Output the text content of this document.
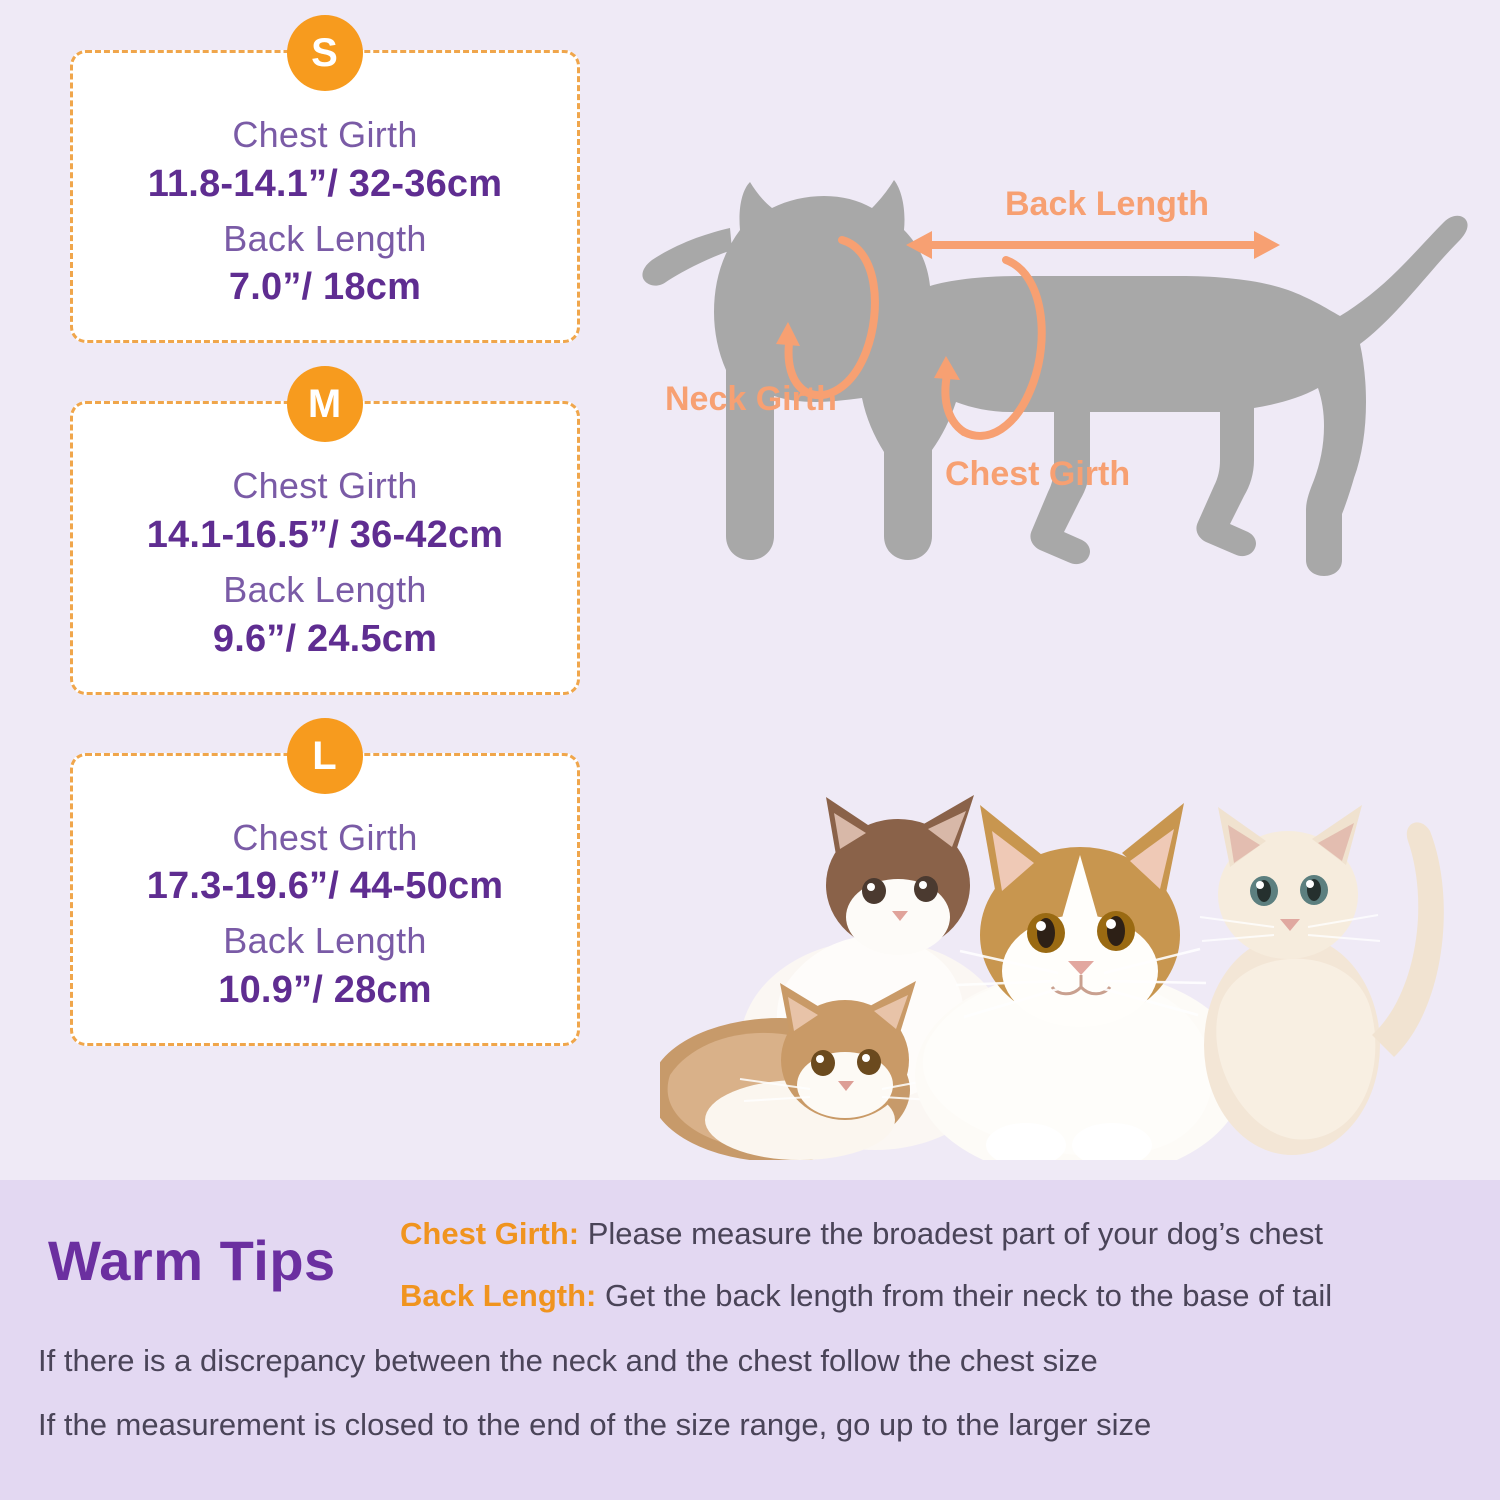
S
Chest Girth
11.8-14.1”/ 32-36cm
Back Length
7.0”/ 18cm
M
Chest Girth
14.1-16.5”/ 36-42cm
Back Length
9.6”/ 24.5cm
L
Chest Girth
17.3-19.6”/ 44-50cm
Back Length
10.9”/ 28cm
Back Length
Neck Girth
Chest Girth
Warm Tips Chest Girth: Please measure the broadest part of your dog’s chest
Back Length: Get the back length from their neck to the base of tail
If there is a discrepancy between the neck and the chest follow the chest size
If the measurement is closed to the end of the size range, go up to the larger size
